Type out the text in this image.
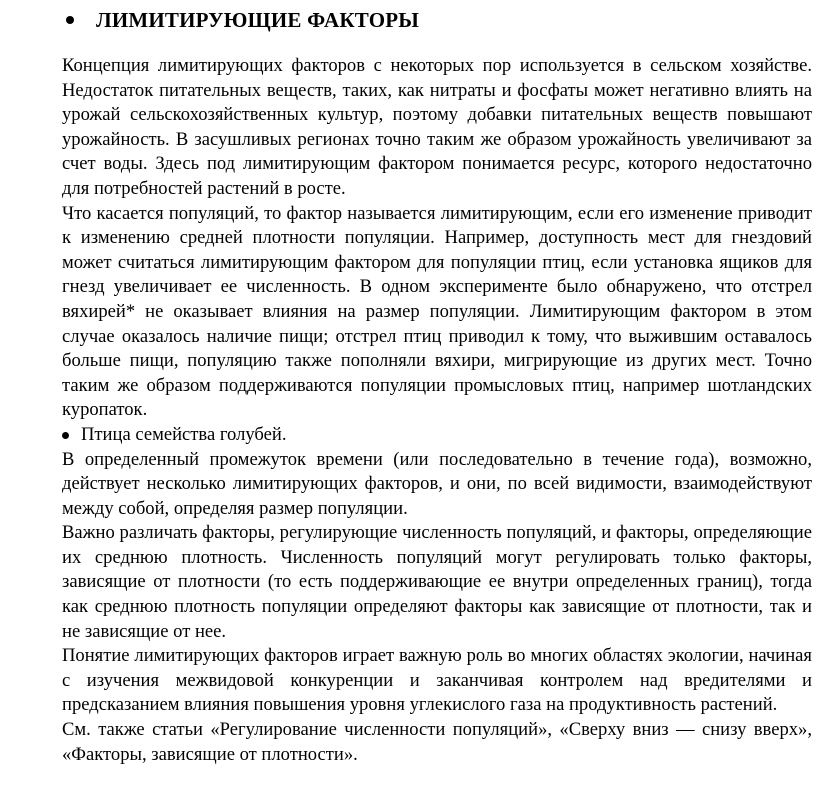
ЛИМИТИРУЮЩИЕ ФАКТОРЫ

Концепция лимитирующих факторов с некоторых пор используется в сельском хозяйстве. Недостаток питательных веществ, таких, как нитраты и фосфаты может негативно влиять на урожай сельскохозяйственных культур, поэтому добавки питательных веществ повышают урожайность. В засушливых регионах точно таким же образом урожайность увеличивают за счет воды. Здесь под лимитирующим фактором понимается ресурс, которого недостаточно для потребностей растений в росте.

Что касается популяций, то фактор называется лимитирующим, если его изменение приводит к изменению средней плотности популяции. Например, доступность мест для гнездовий может считаться лимитирующим фактором для популяции птиц, если установка ящиков для гнезд увеличивает ее численность. В одном эксперименте было обнаружено, что отстрел вяхирей* не оказывает влияния на размер популяции. Лимитирующим фактором в этом случае оказалось наличие пищи; отстрел птиц приводил к тому, что выжившим оставалось больше пищи, популяцию также пополняли вяхири, мигрирующие из других мест. Точно таким же образом поддерживаются популяции промысловых птиц, например шотландских куропаток.

Птица семейства голубей.

В определенный промежуток времени (или последовательно в течение года), возможно, действует несколько лимитирующих факторов, и они, по всей видимости, взаимодействуют между собой, определяя размер популяции.

Важно различать факторы, регулирующие численность популяций, и факторы, определяющие их среднюю плотность. Численность популяций могут регулировать только факторы, зависящие от плотности (то есть поддерживающие ее внутри определенных границ), тогда как среднюю плотность популяции определяют факторы как зависящие от плотности, так и не зависящие от нее.

Понятие лимитирующих факторов играет важную роль во многих областях экологии, начиная с изучения межвидовой конкуренции и заканчивая контролем над вредителями и предсказанием влияния повышения уровня углекислого газа на продуктивность растений.

См. также статьи «Регулирование численности популяций», «Сверху вниз — снизу вверх», «Факторы, зависящие от плотности».
